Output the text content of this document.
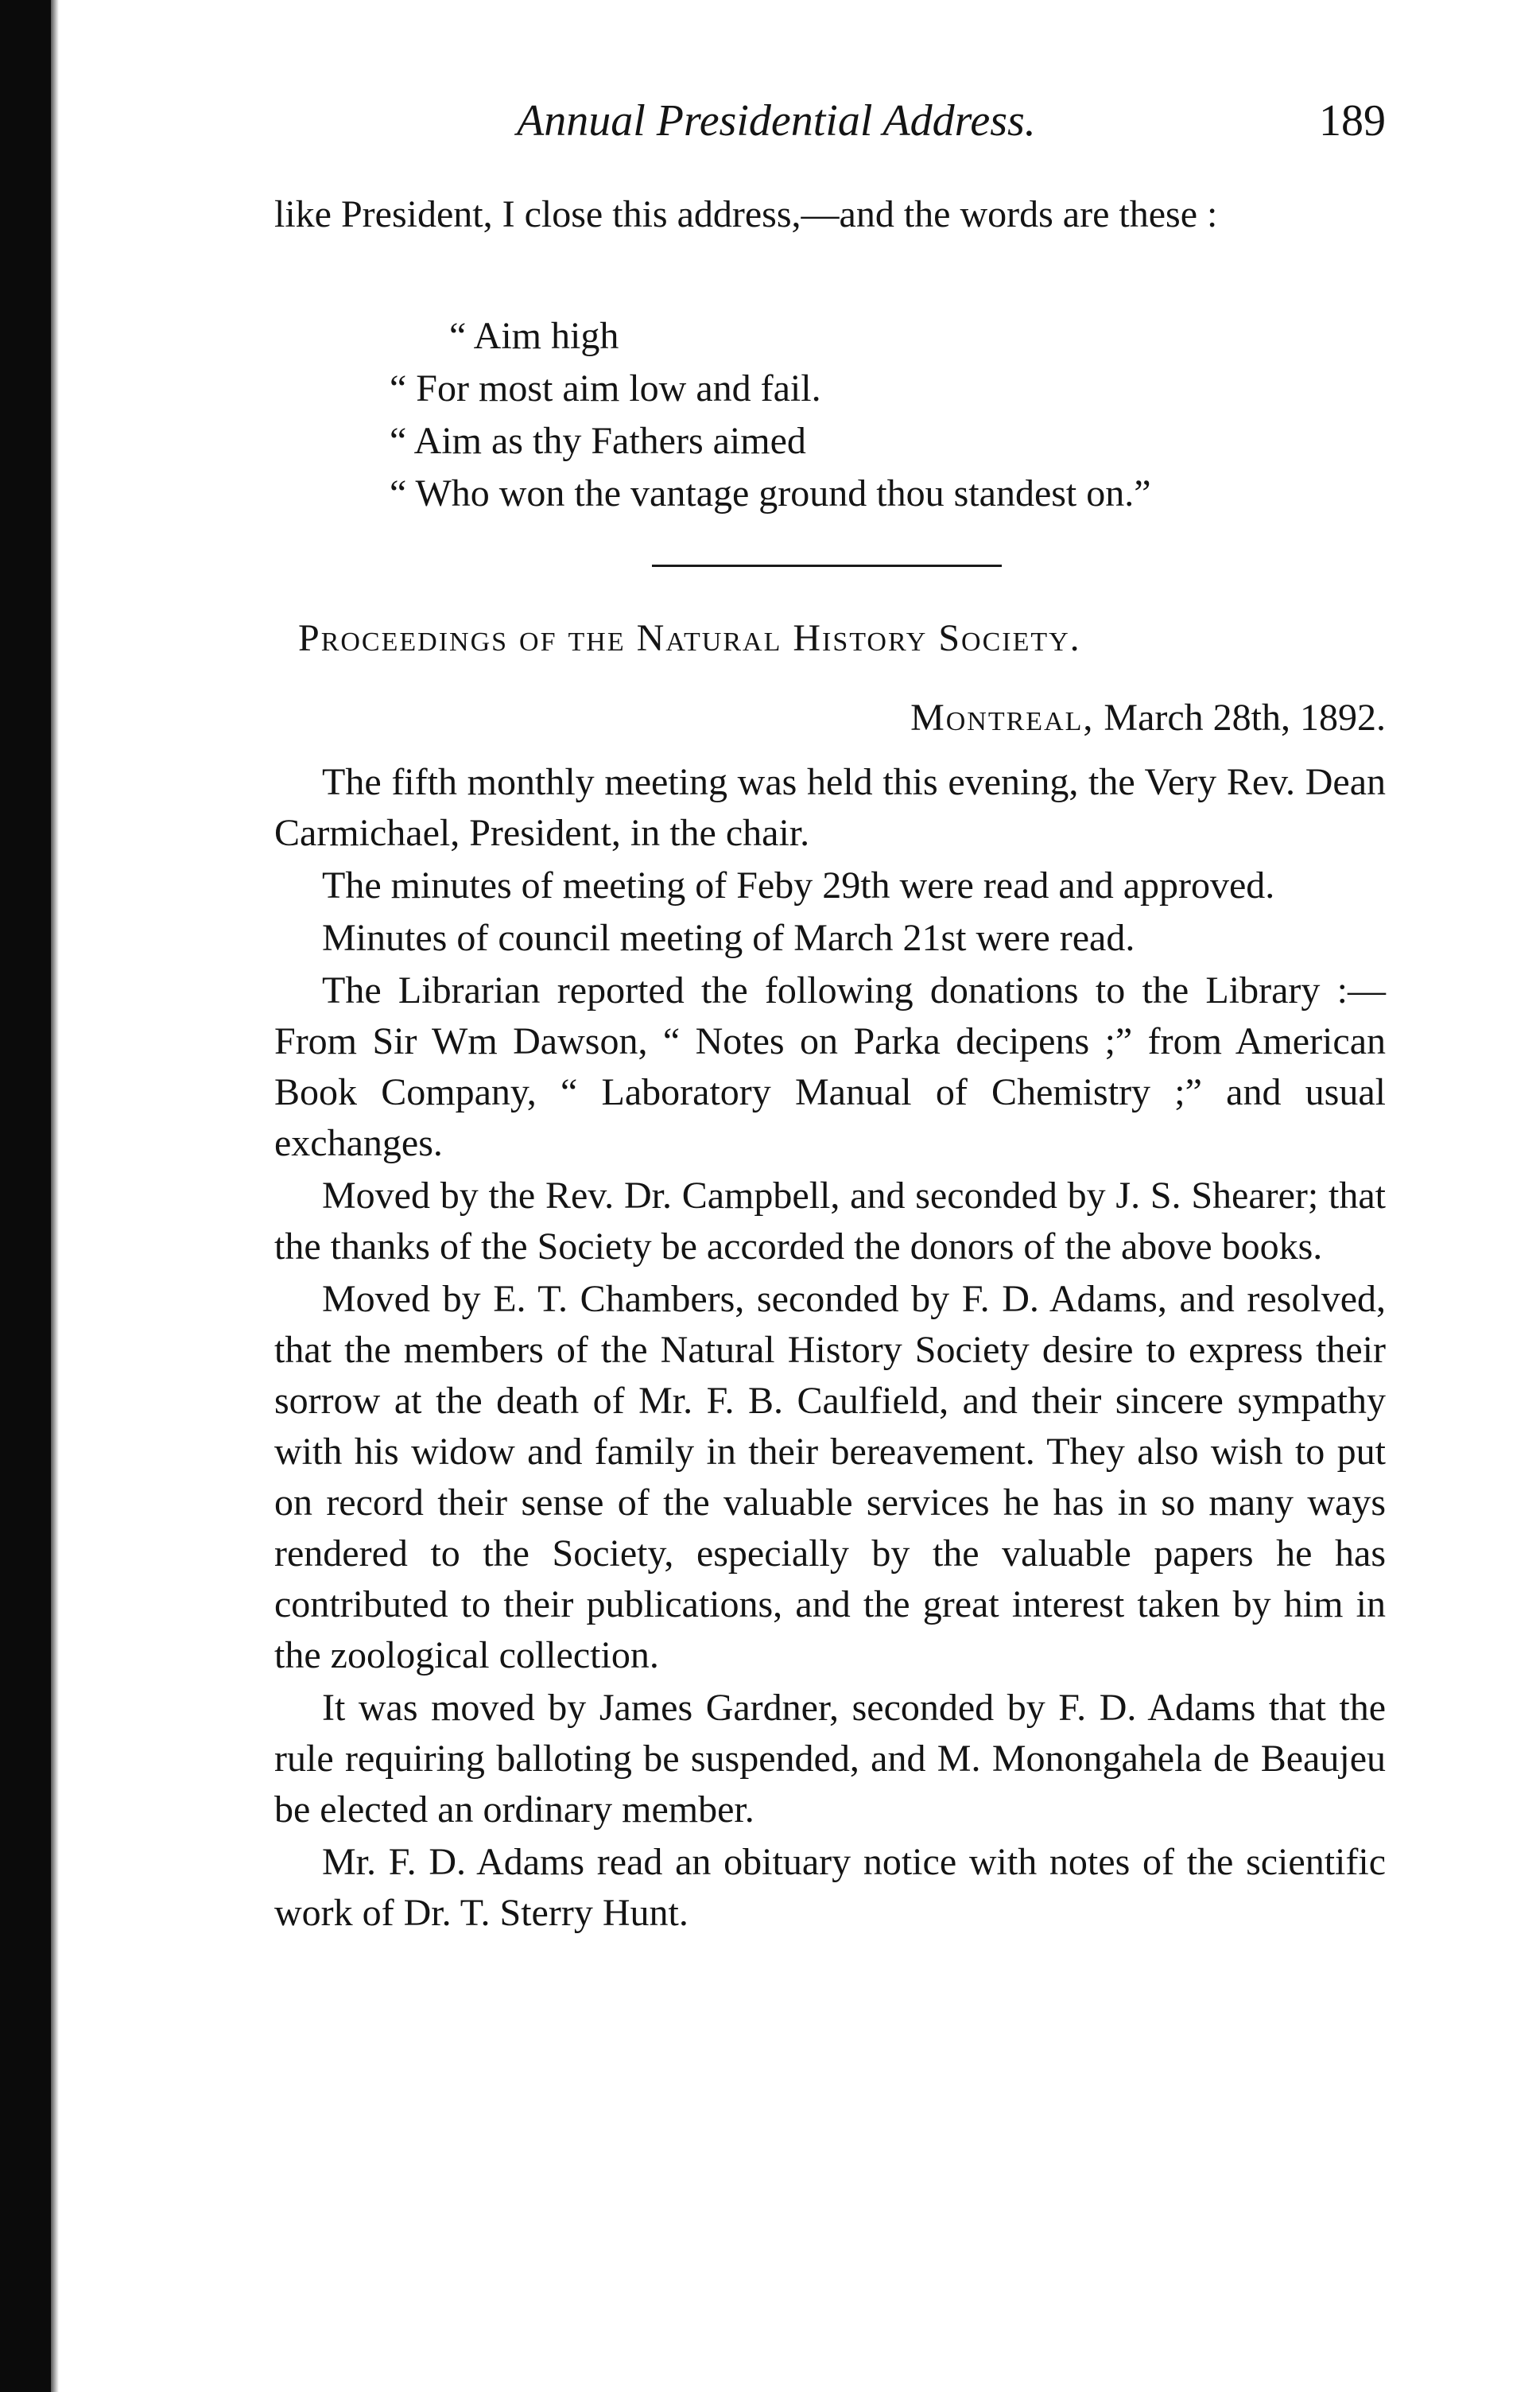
Annual Presidential Address.	189

like President, I close this address,—and the words are these :

“ Aim high
“ For most aim low and fail.
“ Aim as thy Fathers aimed
“ Who won the vantage ground thou standest on.”
Proceedings of the Natural History Society.
Montreal, March 28th, 1892.

The fifth monthly meeting was held this evening, the Very Rev. Dean Carmichael, President, in the chair.

The minutes of meeting of Feby 29th were read and approved.

Minutes of council meeting of March 21st were read.

The Librarian reported the following donations to the Library :—From Sir Wm Dawson, “ Notes on Parka decipens ;” from American Book Company, “ Laboratory Manual of Chemistry ;” and usual exchanges.

Moved by the Rev. Dr. Campbell, and seconded by J. S. Shearer; that the thanks of the Society be accorded the donors of the above books.

Moved by E. T. Chambers, seconded by F. D. Adams, and resolved, that the members of the Natural History Society desire to express their sorrow at the death of Mr. F. B. Caulfield, and their sincere sympathy with his widow and family in their bereavement. They also wish to put on record their sense of the valuable services he has in so many ways rendered to the Society, especially by the valuable papers he has contributed to their publications, and the great interest taken by him in the zoological collection.

It was moved by James Gardner, seconded by F. D. Adams that the rule requiring balloting be suspended, and M. Monongahela de Beaujeu be elected an ordinary member.

Mr. F. D. Adams read an obituary notice with notes of the scientific work of Dr. T. Sterry Hunt.
